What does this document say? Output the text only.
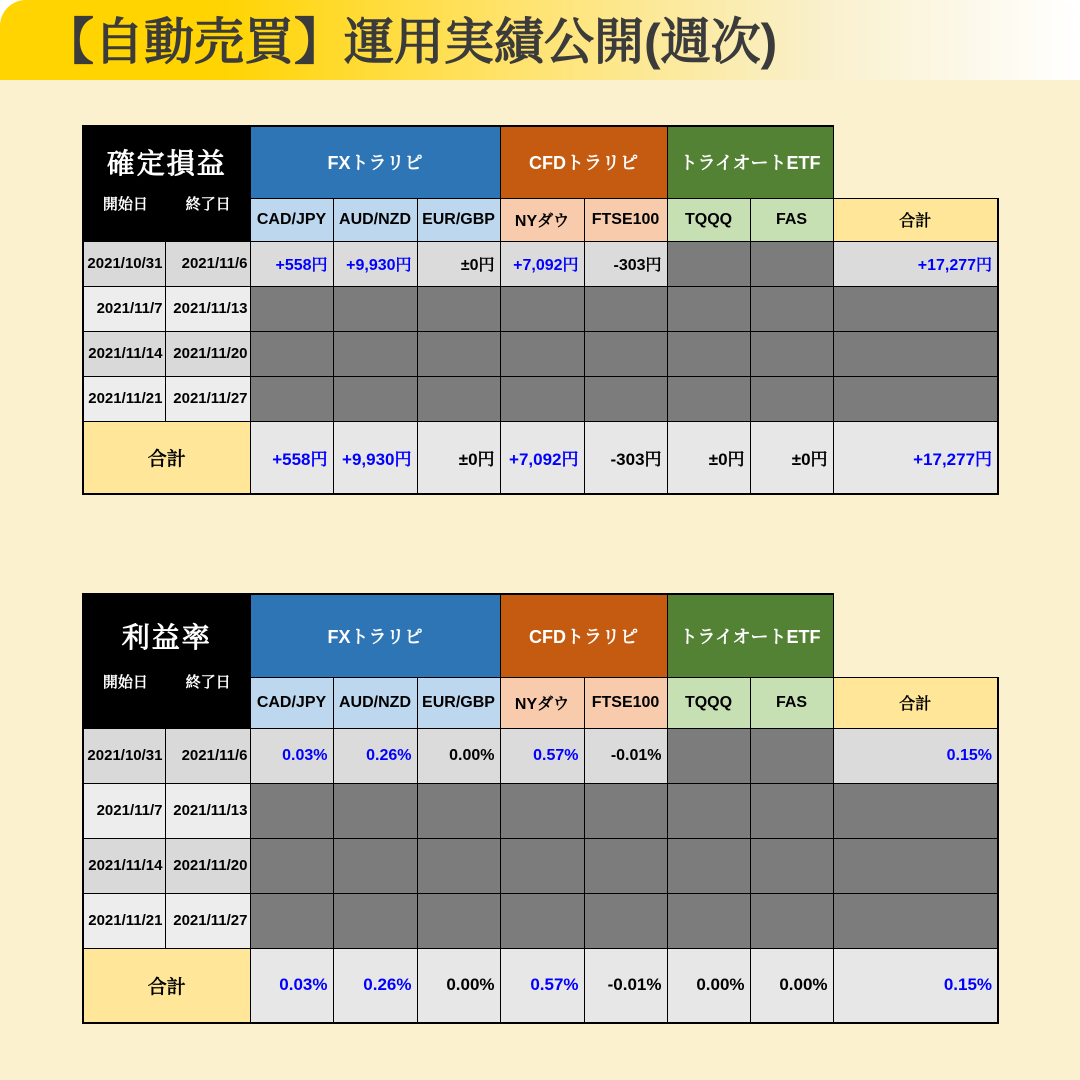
【自動売買】運用実績公開(週次)
確定損益
開始日 終了日		FXトラリピ			CFDトラリピ		トライオートETF		
		CAD/JPY	AUD/NZD	EUR/GBP	NYダウ	FTSE100	TQQQ	FAS	合計
2021/10/31	2021/11/6	+558円	+9,930円	±0円	+7,092円	-303円			+17,277円
2021/11/7	2021/11/13								
2021/11/14	2021/11/20								
2021/11/21	2021/11/27								
合計		+558円	+9,930円	±0円	+7,092円	-303円	±0円	±0円	+17,277円
利益率
開始日 終了日		FXトラリピ			CFDトラリピ		トライオートETF		
		CAD/JPY	AUD/NZD	EUR/GBP	NYダウ	FTSE100	TQQQ	FAS	合計
2021/10/31	2021/11/6	0.03%	0.26%	0.00%	0.57%	-0.01%			0.15%
2021/11/7	2021/11/13								
2021/11/14	2021/11/20								
2021/11/21	2021/11/27								
合計		0.03%	0.26%	0.00%	0.57%	-0.01%	0.00%	0.00%	0.15%
